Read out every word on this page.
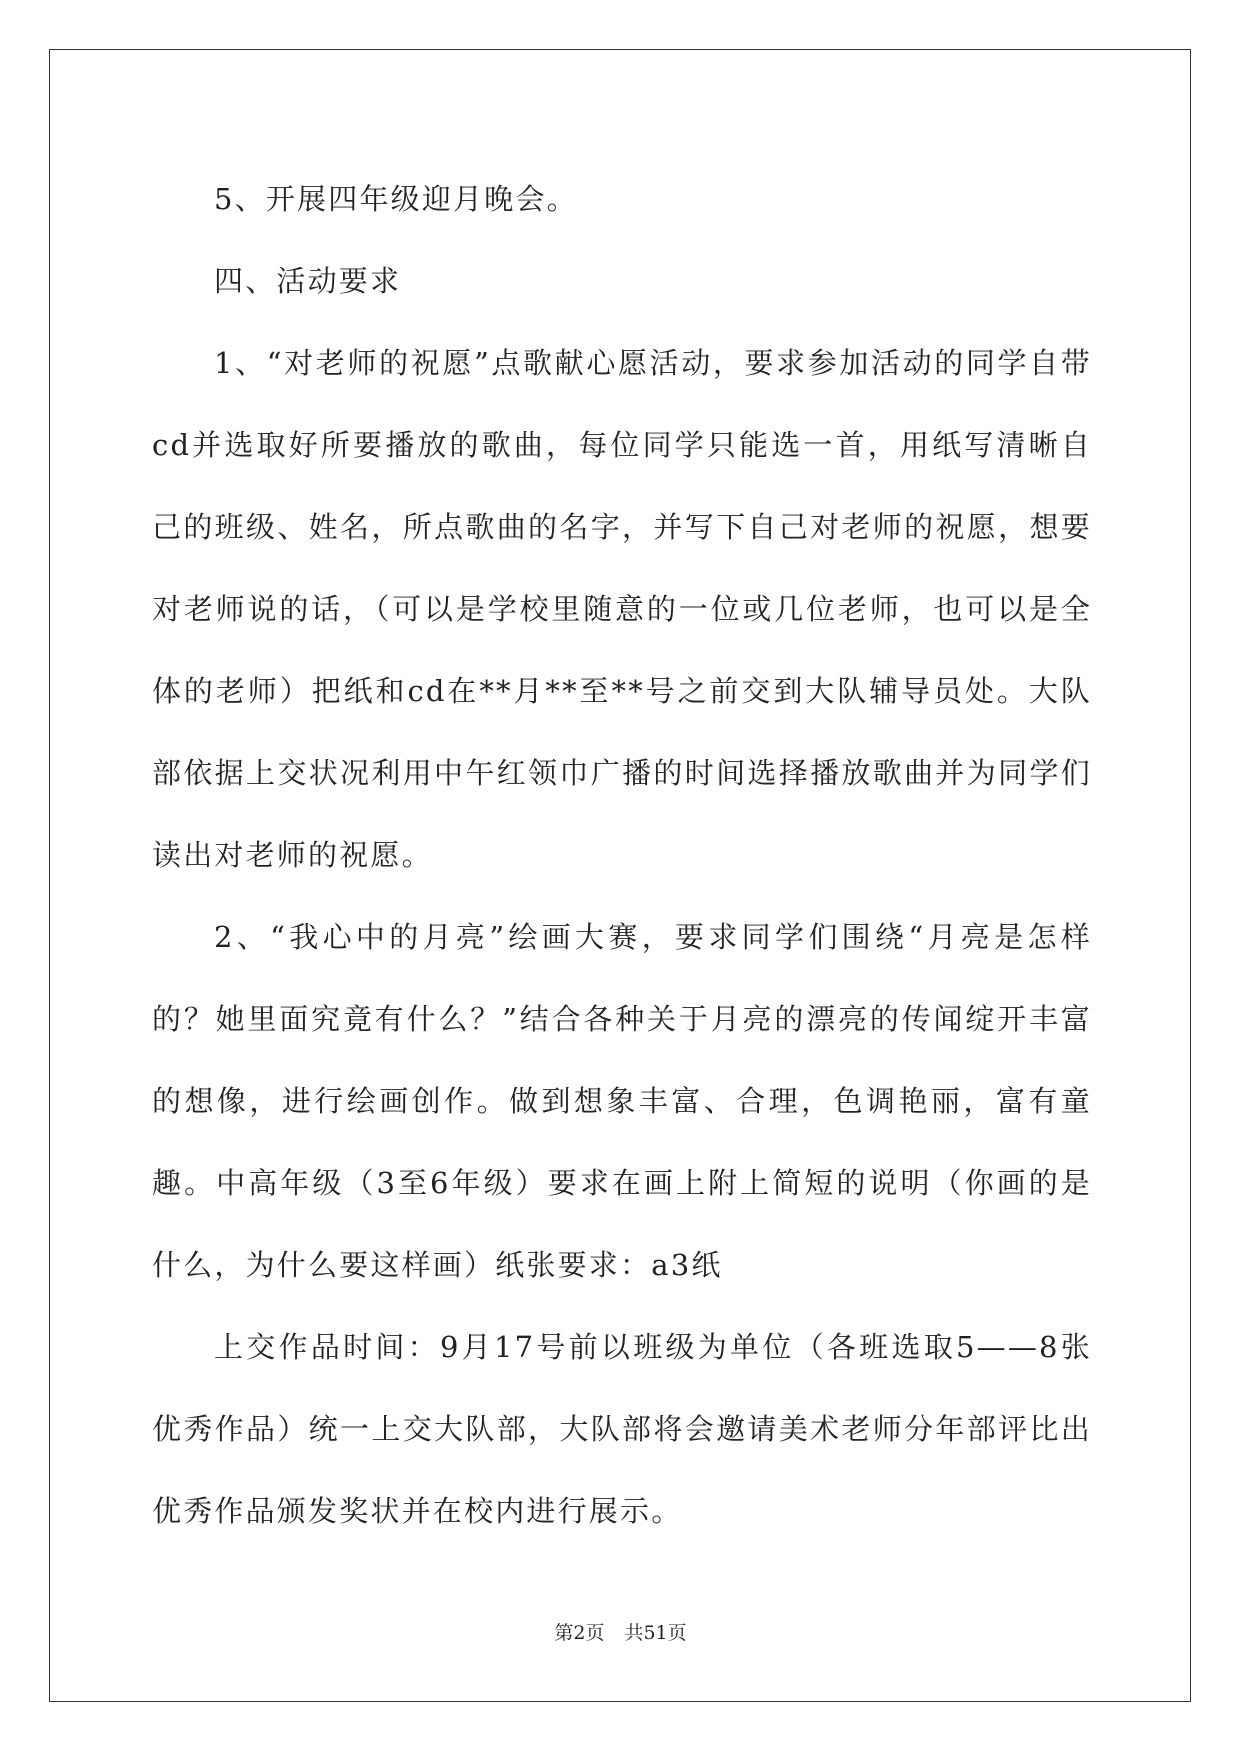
5、开展四年级迎月晚会。

四、活动要求

1、“对老师的祝愿”点歌献心愿活动，要求参加活动的同学自带cd并选取好所要播放的歌曲，每位同学只能选一首，用纸写清晰自己的班级、姓名，所点歌曲的名字，并写下自己对老师的祝愿，想要对老师说的话，（可以是学校里随意的一位或几位老师，也可以是全体的老师）把纸和cd在**月**至**号之前交到大队辅导员处。大队部依据上交状况利用中午红领巾广播的时间选择播放歌曲并为同学们读出对老师的祝愿。

2、“我心中的月亮”绘画大赛，要求同学们围绕“月亮是怎样的？她里面究竟有什么？”结合各种关于月亮的漂亮的传闻绽开丰富的想像，进行绘画创作。做到想象丰富、合理，色调艳丽，富有童趣。中高年级（3至6年级）要求在画上附上简短的说明（你画的是什么，为什么要这样画）纸张要求：a3纸

上交作品时间：9月17号前以班级为单位（各班选取5——8张优秀作品）统一上交大队部，大队部将会邀请美术老师分年部评比出优秀作品颁发奖状并在校内进行展示。

第2页 共51页
